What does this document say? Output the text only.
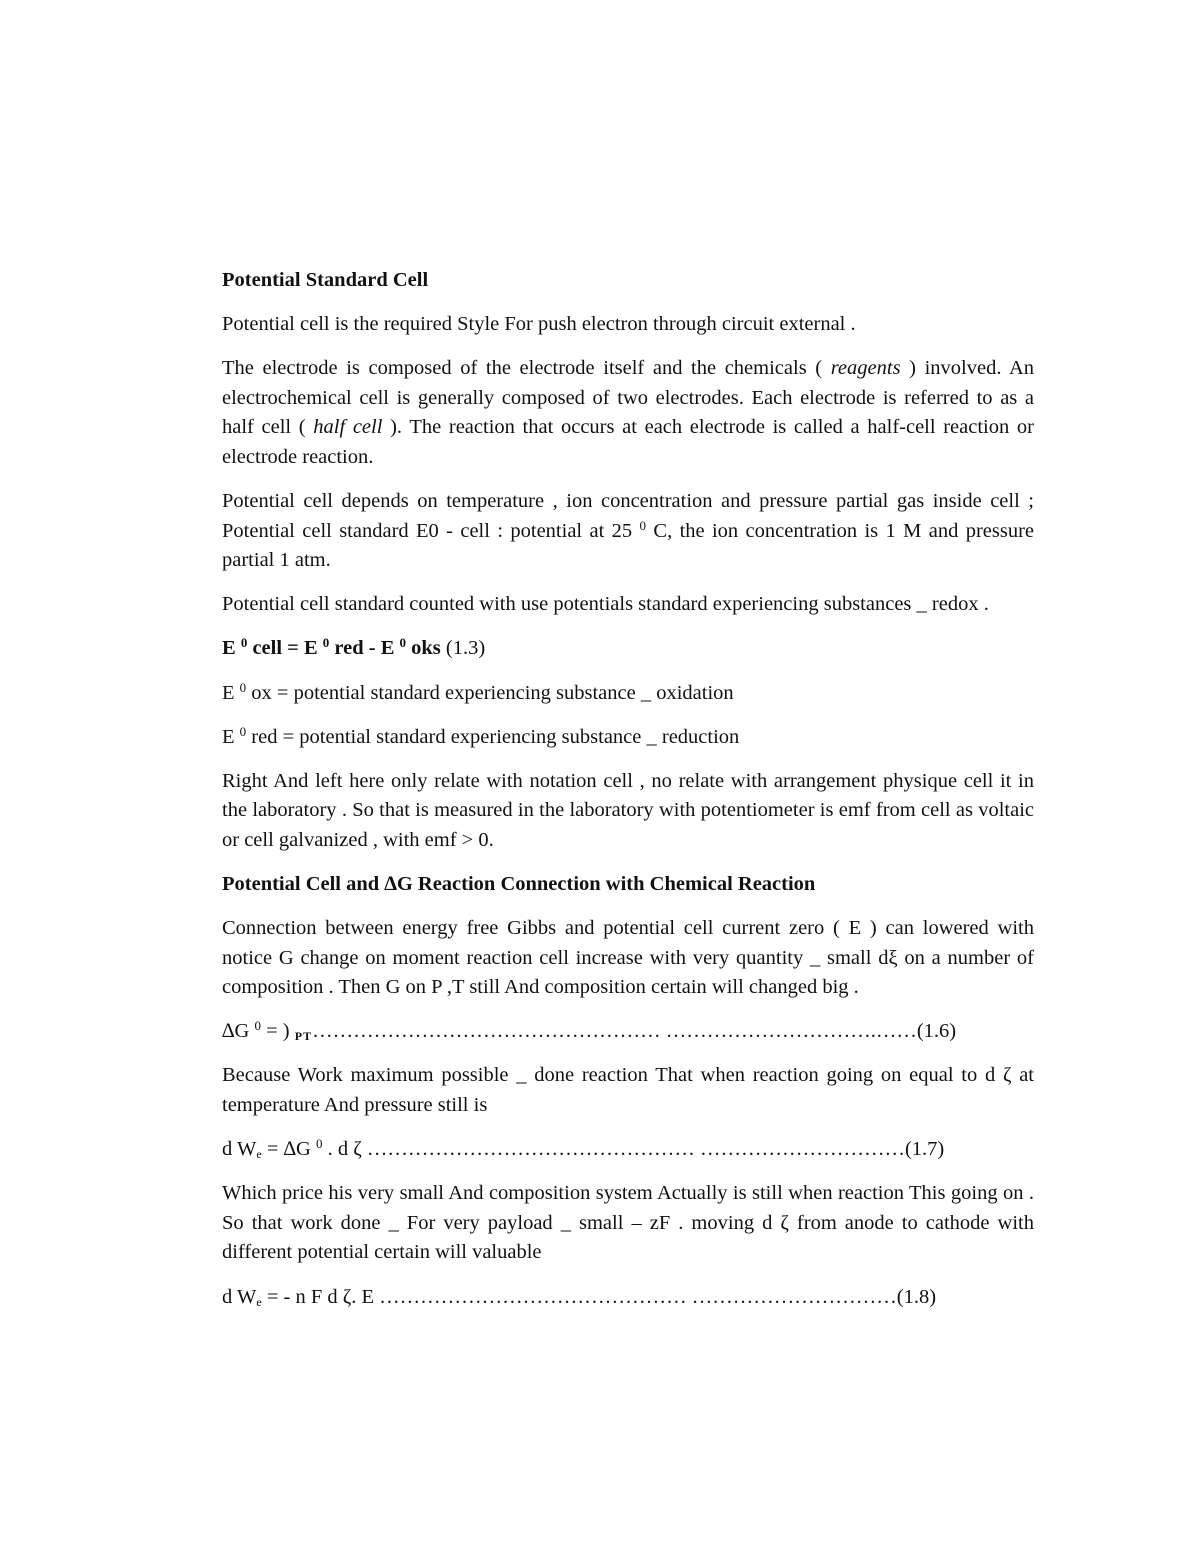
Potential Standard Cell

Potential cell is the required Style For push electron through circuit external .

The electrode is composed of the electrode itself and the chemicals ( reagents ) involved. An electrochemical cell is generally composed of two electrodes. Each electrode is referred to as a half cell ( half cell ). The reaction that occurs at each electrode is called a half-cell reaction or electrode reaction.

Potential cell depends on temperature , ion concentration and pressure partial gas inside cell ; Potential cell standard E0 - cell : potential at 25 $^0$ C, the ion concentration is 1 M and pressure partial 1 atm.

Potential cell standard counted with use potentials standard experiencing substances _ redox .

E $^0$ cell = E $^0$ red - E $^0$ oks (1.3)

E $^0$ ox = potential standard experiencing substance _ oxidation

E $^0$ red = potential standard experiencing substance _ reduction

Right And left here only relate with notation cell , no relate with arrangement physique cell it in the laboratory . So that is measured in the laboratory with potentiometer is emf from cell as voltaic or cell galvanized , with emf > 0.

Potential Cell and ∆G Reaction Connection with Chemical Reaction

Connection between energy free Gibbs and potential cell current zero ( E ) can lowered with notice G change on moment reaction cell increase with very quantity _ small dξ on a number of composition . Then G on P ,T still And composition certain will changed big .

∆G $^0$ = ) PT…………………………………………… ………………………….……(1.6)

Because Work maximum possible _ done reaction That when reaction going on equal to d ζ at temperature And pressure still is

d $W_e = \Delta G$ $^0$ . d ζ ………………………………………… …………………………(1.7)

Which price his very small And composition system Actually is still when reaction This going on . So that work done _ For very payload _ small – zF . moving d ζ from anode to cathode with different potential certain will valuable

d $W_e$ = - n F d ζ. E ……………………………………… …………………………(1.8)
